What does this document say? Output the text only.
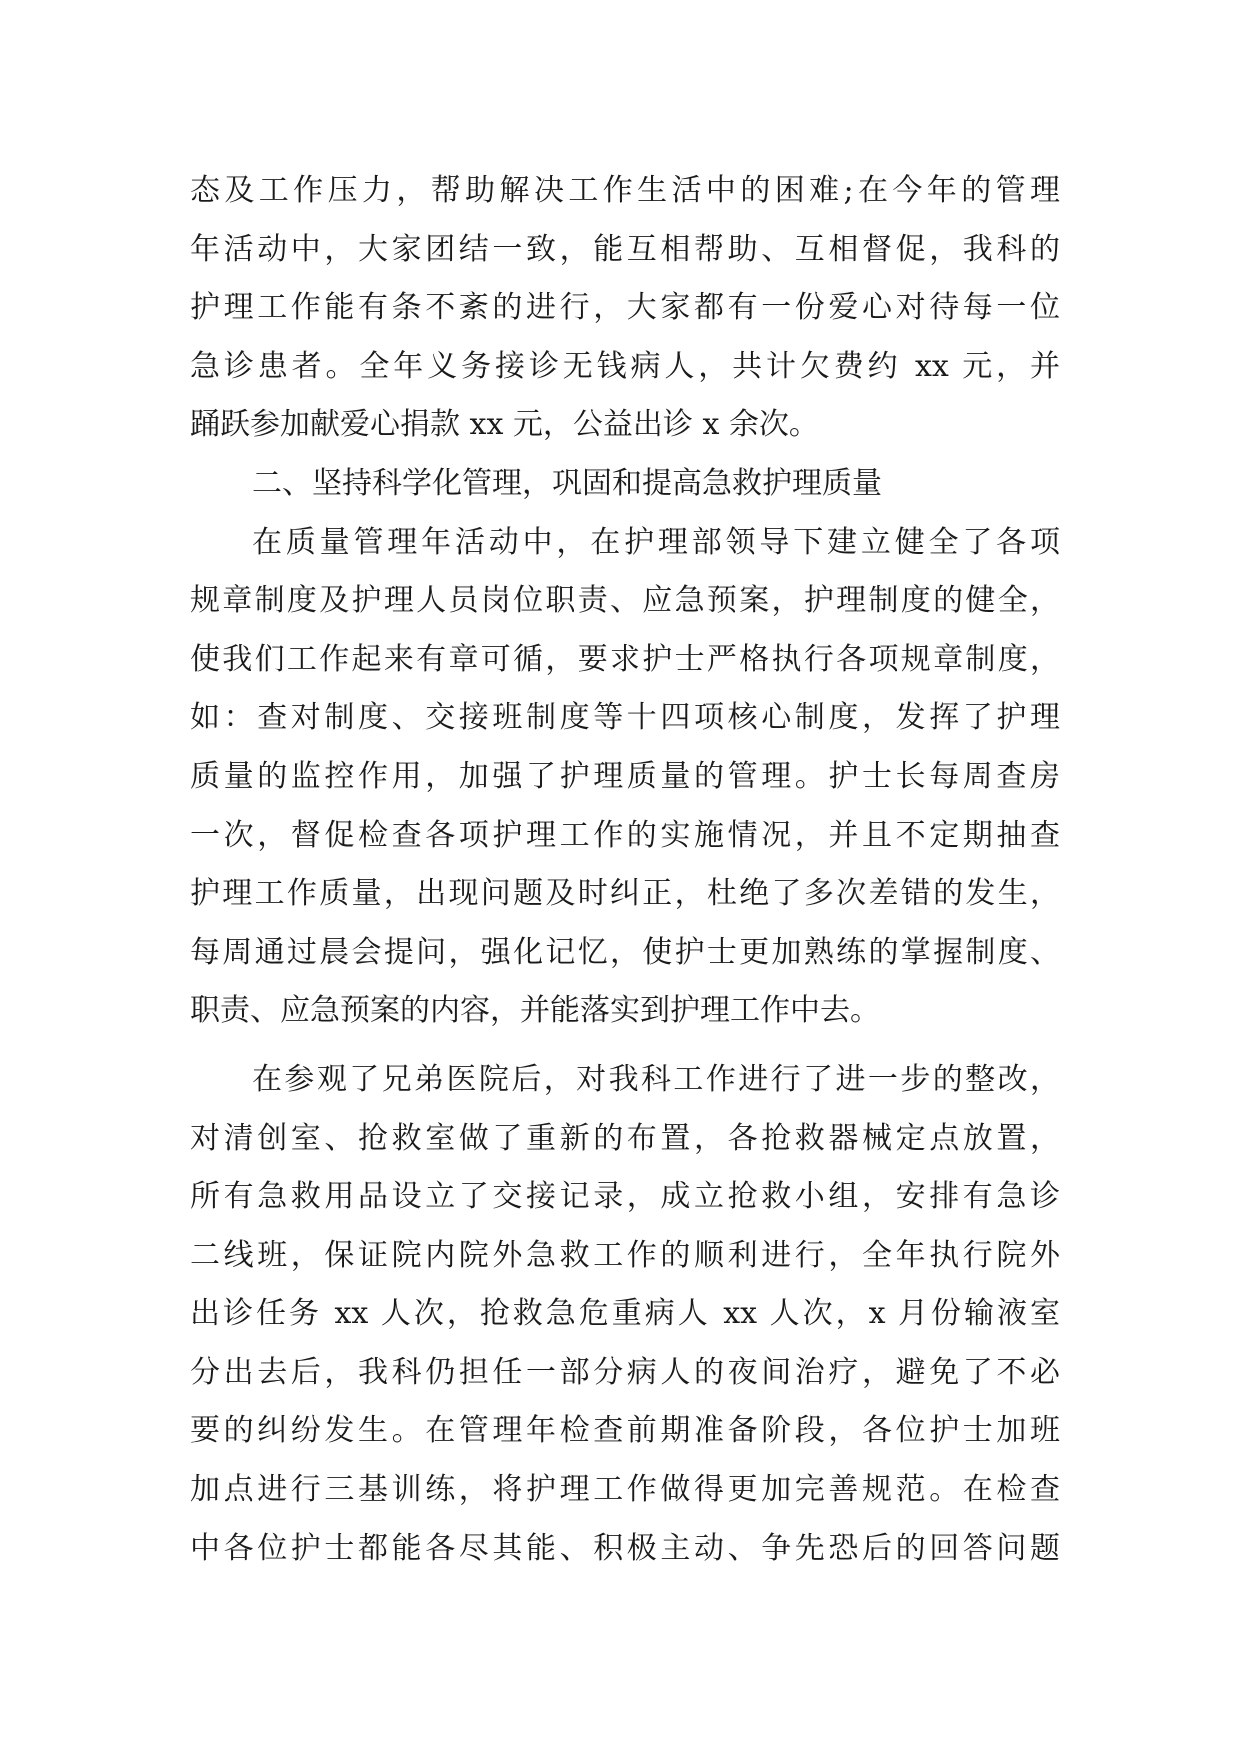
态及工作压力，帮助解决工作生活中的困难;在今年的管理
年活动中，大家团结一致，能互相帮助、互相督促，我科的
护理工作能有条不紊的进行，大家都有一份爱心对待每一位
急诊患者。全年义务接诊无钱病人，共计欠费约 xx 元，并
踊跃参加献爱心捐款 xx 元，公益出诊 x 余次。
二、坚持科学化管理，巩固和提高急救护理质量
在质量管理年活动中，在护理部领导下建立健全了各项
规章制度及护理人员岗位职责、应急预案，护理制度的健全，
使我们工作起来有章可循，要求护士严格执行各项规章制度，
如：查对制度、交接班制度等十四项核心制度，发挥了护理
质量的监控作用，加强了护理质量的管理。护士长每周查房
一次，督促检查各项护理工作的实施情况，并且不定期抽查
护理工作质量，出现问题及时纠正，杜绝了多次差错的发生，
每周通过晨会提问，强化记忆，使护士更加熟练的掌握制度、
职责、应急预案的内容，并能落实到护理工作中去。
在参观了兄弟医院后，对我科工作进行了进一步的整改，
对清创室、抢救室做了重新的布置，各抢救器械定点放置，
所有急救用品设立了交接记录，成立抢救小组，安排有急诊
二线班，保证院内院外急救工作的顺利进行，全年执行院外
出诊任务 xx 人次，抢救急危重病人 xx 人次，x 月份输液室
分出去后，我科仍担任一部分病人的夜间治疗，避免了不必
要的纠纷发生。在管理年检查前期准备阶段，各位护士加班
加点进行三基训练，将护理工作做得更加完善规范。在检查
中各位护士都能各尽其能、积极主动、争先恐后的回答问题
